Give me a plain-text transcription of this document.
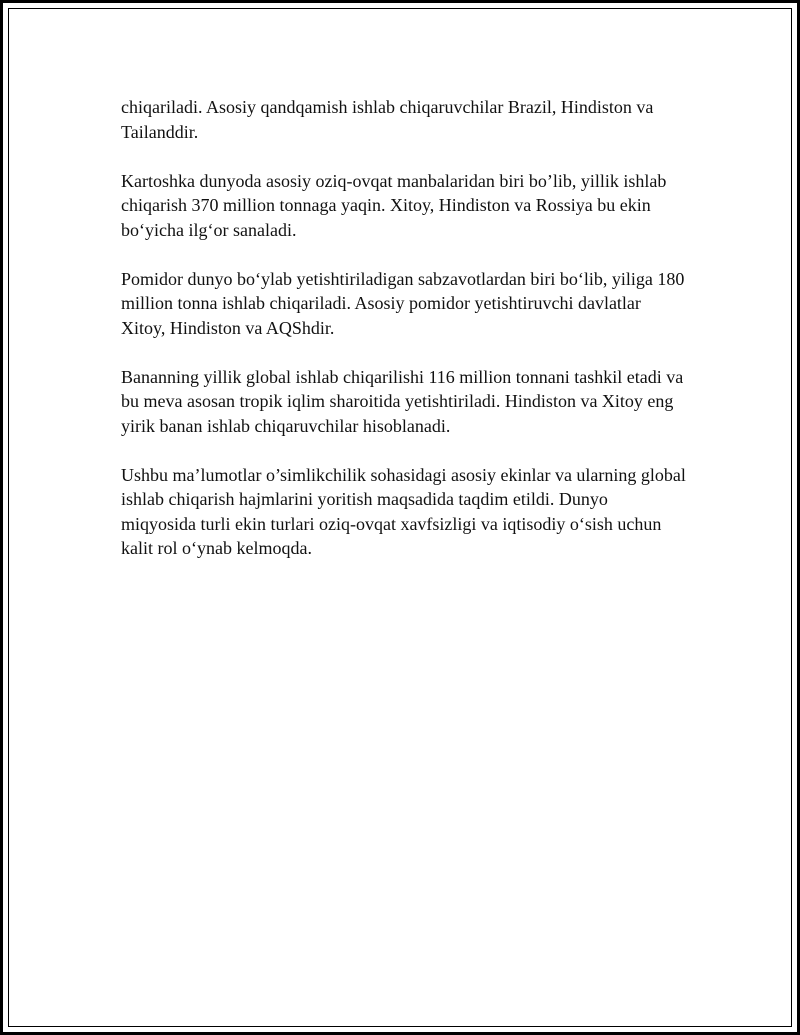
chiqariladi. Asosiy qandqamish ishlab chiqaruvchilar Brazil, Hindiston va Tailanddir.

Kartoshka dunyoda asosiy oziq-ovqat manbalaridan biri bo’lib, yillik ishlab chiqarish 370 million tonnaga yaqin. Xitoy, Hindiston va Rossiya bu ekin bo‘yicha ilg‘or sanaladi.

Pomidor dunyo bo‘ylab yetishtiriladigan sabzavotlardan biri bo‘lib, yiliga 180 million tonna ishlab chiqariladi. Asosiy pomidor yetishtiruvchi davlatlar Xitoy, Hindiston va AQShdir.

Bananning yillik global ishlab chiqarilishi 116 million tonnani tashkil etadi va bu meva asosan tropik iqlim sharoitida yetishtiriladi. Hindiston va Xitoy eng yirik banan ishlab chiqaruvchilar hisoblanadi.

Ushbu ma’lumotlar o’simlikchilik sohasidagi asosiy ekinlar va ularning global ishlab chiqarish hajmlarini yoritish maqsadida taqdim etildi. Dunyo miqyosida turli ekin turlari oziq-ovqat xavfsizligi va iqtisodiy o‘sish uchun kalit rol o‘ynab kelmoqda.
